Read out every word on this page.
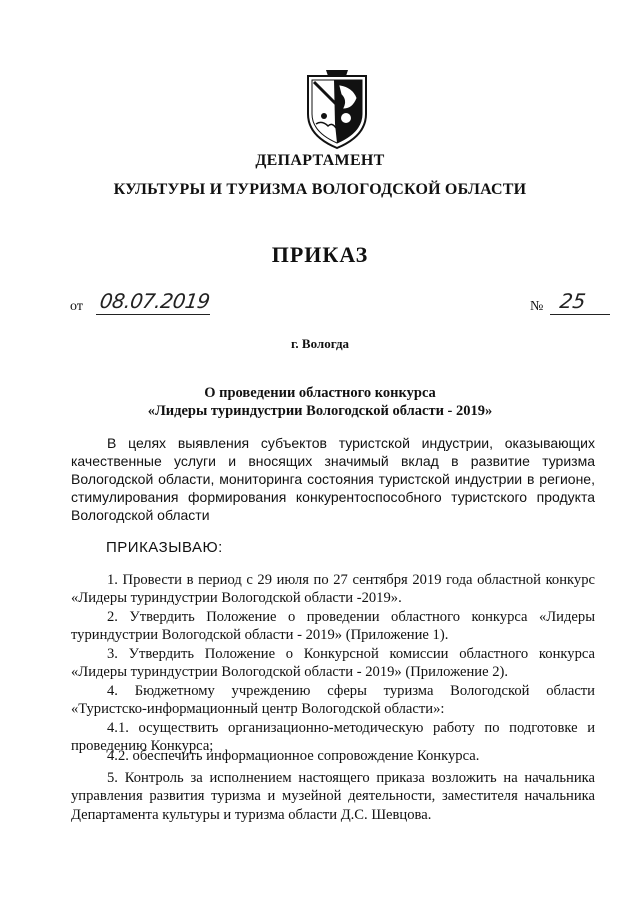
ДЕПАРТАМЕНТ
КУЛЬТУРЫ И ТУРИЗМА ВОЛОГОДСКОЙ ОБЛАСТИ
ПРИКАЗ
от 08.07.2019	№ 25
г. Вологда
О проведении областного конкурса
«Лидеры туриндустрии Вологодской области - 2019»
В целях выявления субъектов туристской индустрии, оказывающих качественные услуги и вносящих значимый вклад в развитие туризма Вологодской области, мониторинга состояния туристской индустрии в регионе, стимулирования формирования конкурентоспособного туристского продукта Вологодской области
ПРИКАЗЫВАЮ:
1. Провести в период с 29 июля по 27 сентября 2019 года областной конкурс «Лидеры туриндустрии Вологодской области -2019».
2. Утвердить Положение о проведении областного конкурса «Лидеры туриндустрии Вологодской области - 2019» (Приложение 1).
3. Утвердить Положение о Конкурсной комиссии областного конкурса «Лидеры туриндустрии Вологодской области - 2019» (Приложение 2).
4. Бюджетному учреждению сферы туризма Вологодской области «Туристско-информационный центр Вологодской области»:
4.1. осуществить организационно-методическую работу по подготовке и проведению Конкурса;
4.2. обеспечить информационное сопровождение Конкурса.
5. Контроль за исполнением настоящего приказа возложить на начальника управления развития туризма и музейной деятельности, заместителя начальника Департамента культуры и туризма области Д.С. Шевцова.
